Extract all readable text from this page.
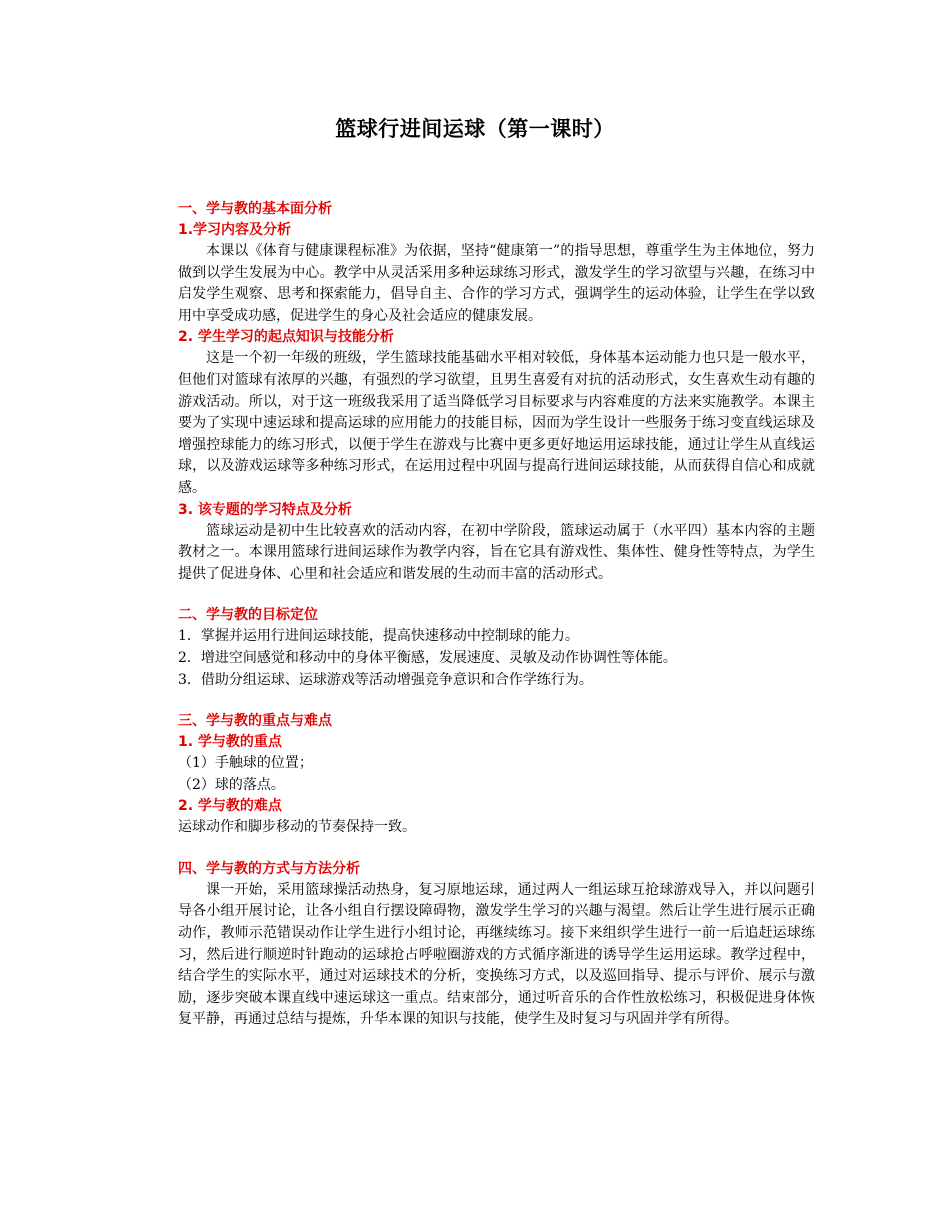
篮球行进间运球（第一课时）
一、学与教的基本面分析
1.学习内容及分析

本课以《体育与健康课程标准》为依据，坚持“健康第一”的指导思想，尊重学生为主体地位，努力做到以学生发展为中心。教学中从灵活采用多种运球练习形式，激发学生的学习欲望与兴趣，在练习中启发学生观察、思考和探索能力，倡导自主、合作的学习方式，强调学生的运动体验，让学生在学以致用中享受成功感，促进学生的身心及社会适应的健康发展。

2. 学生学习的起点知识与技能分析

这是一个初一年级的班级，学生篮球技能基础水平相对较低，身体基本运动能力也只是一般水平，但他们对篮球有浓厚的兴趣，有强烈的学习欲望，且男生喜爱有对抗的活动形式，女生喜欢生动有趣的游戏活动。所以，对于这一班级我采用了适当降低学习目标要求与内容难度的方法来实施教学。本课主要为了实现中速运球和提高运球的应用能力的技能目标，因而为学生设计一些服务于练习变直线运球及增强控球能力的练习形式，以便于学生在游戏与比赛中更多更好地运用运球技能，通过让学生从直线运球，以及游戏运球等多种练习形式，在运用过程中巩固与提高行进间运球技能，从而获得自信心和成就感。

3. 该专题的学习特点及分析

篮球运动是初中生比较喜欢的活动内容，在初中学阶段，篮球运动属于（水平四）基本内容的主题教材之一。本课用篮球行进间运球作为教学内容，旨在它具有游戏性、集体性、健身性等特点，为学生提供了促进身体、心里和社会适应和谐发展的生动而丰富的活动形式。

二、学与教的目标定位

1．掌握并运用行进间运球技能，提高快速移动中控制球的能力。

2．增进空间感觉和移动中的身体平衡感，发展速度、灵敏及动作协调性等体能。

3．借助分组运球、运球游戏等活动增强竞争意识和合作学练行为。

三、学与教的重点与难点
1. 学与教的重点

（1）手触球的位置；

（2）球的落点。

2. 学与教的难点

运球动作和脚步移动的节奏保持一致。

四、学与教的方式与方法分析

课一开始，采用篮球操活动热身，复习原地运球，通过两人一组运球互抢球游戏导入，并以问题引导各小组开展讨论，让各小组自行摆设障碍物，激发学生学习的兴趣与渴望。然后让学生进行展示正确动作，教师示范错误动作让学生进行小组讨论，再继续练习。接下来组织学生进行一前一后追赶运球练习，然后进行顺逆时针跑动的运球抢占呼啦圈游戏的方式循序渐进的诱导学生运用运球。教学过程中，结合学生的实际水平，通过对运球技术的分析，变换练习方式，以及巡回指导、提示与评价、展示与激励，逐步突破本课直线中速运球这一重点。结束部分，通过听音乐的合作性放松练习，积极促进身体恢复平静，再通过总结与提炼，升华本课的知识与技能，使学生及时复习与巩固并学有所得。
